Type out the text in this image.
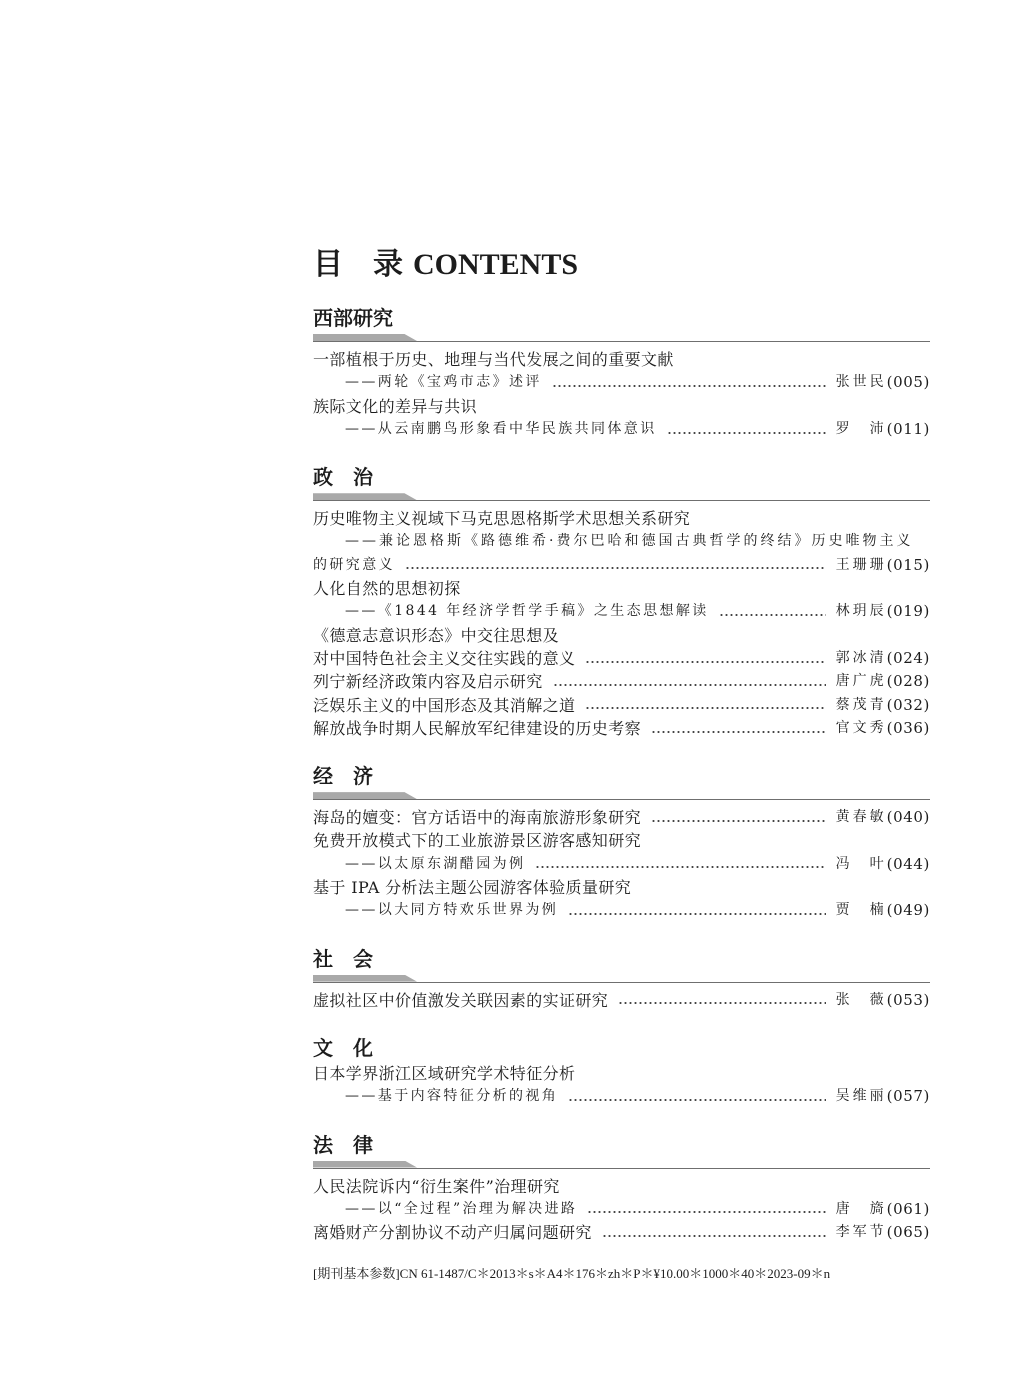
目　录 CONTENTS
西部研究
一部植根于历史、地理与当代发展之间的重要文献
——两轮《宝鸡市志》述评	张世民 (005)
族际文化的差异与共识
——从云南鹏鸟形象看中华民族共同体意识	罗　沛 (011)
政　治
历史唯物主义视域下马克思恩格斯学术思想关系研究
——兼论恩格斯《路德维希·费尔巴哈和德国古典哲学的终结》历史唯物主义
的研究意义	王珊珊 (015)
人化自然的思想初探
——《1844 年经济学哲学手稿》之生态思想解读	林玥辰 (019)
《德意志意识形态》中交往思想及
对中国特色社会主义交往实践的意义	郭冰清 (024)
列宁新经济政策内容及启示研究	唐广虎 (028)
泛娱乐主义的中国形态及其消解之道	蔡茂青 (032)
解放战争时期人民解放军纪律建设的历史考察	官文秀 (036)
经　济
海岛的嬗变：官方话语中的海南旅游形象研究	黄春敏 (040)
免费开放模式下的工业旅游景区游客感知研究
——以太原东湖醋园为例	冯　叶 (044)
基于 IPA 分析法主题公园游客体验质量研究
——以大同方特欢乐世界为例	贾　楠 (049)
社　会
虚拟社区中价值激发关联因素的实证研究	张　薇 (053)
文　化
日本学界浙江区域研究学术特征分析
——基于内容特征分析的视角	吴维丽 (057)
法　律
人民法院诉内“衍生案件”治理研究
——以“全过程”治理为解决进路	唐　旖 (061)
离婚财产分割协议不动产归属问题研究	李军节 (065)
[期刊基本参数]CN 61-1487/C＊2013＊s＊A4＊176＊zh＊P＊¥10.00＊1000＊40＊2023-09＊n
